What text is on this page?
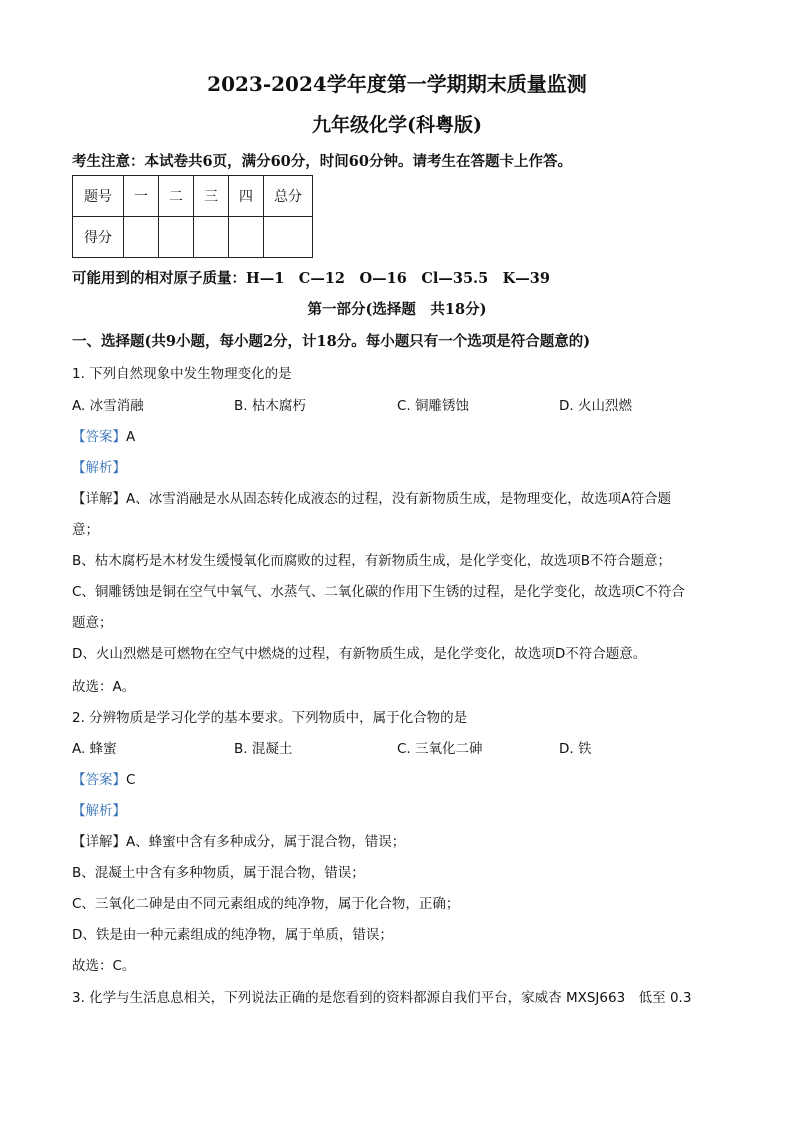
2023-2024学年度第一学期期末质量监测
九年级化学(科粤版)
考生注意：本试卷共6页，满分60分，时间60分钟。请考生在答题卡上作答。
题号	一	二	三	四	总分
得分					
可能用到的相对原子质量：H—1　C—12　O—16　Cl—35.5　K—39
第一部分(选择题　共18分)
一、选择题(共9小题，每小题2分，计18分。每小题只有一个选项是符合题意的)
1. 下列自然现象中发生物理变化的是
A. 冰雪消融	B. 枯木腐朽	C. 铜雕锈蚀	D. 火山烈燃
【答案】A
【解析】
【详解】A、冰雪消融是水从固态转化成液态的过程，没有新物质生成，是物理变化，故选项A符合题
意；
B、枯木腐朽是木材发生缓慢氧化而腐败的过程，有新物质生成，是化学变化，故选项B不符合题意；
C、铜雕锈蚀是铜在空气中氧气、水蒸气、二氧化碳的作用下生锈的过程，是化学变化，故选项C不符合
题意；
D、火山烈燃是可燃物在空气中燃烧的过程，有新物质生成，是化学变化，故选项D不符合题意。
故选：A。
2. 分辨物质是学习化学的基本要求。下列物质中，属于化合物的是
A. 蜂蜜	B. 混凝土	C. 三氧化二砷	D. 铁
【答案】C
【解析】
【详解】A、蜂蜜中含有多种成分，属于混合物，错误；
B、混凝土中含有多种物质，属于混合物，错误；
C、三氧化二砷是由不同元素组成的纯净物，属于化合物，正确；
D、铁是由一种元素组成的纯净物，属于单质，错误；
故选：C。
3. 化学与生活息息相关，下列说法正确的是您看到的资料都源自我们平台，家威杏 MXSJ663　低至 0.3
